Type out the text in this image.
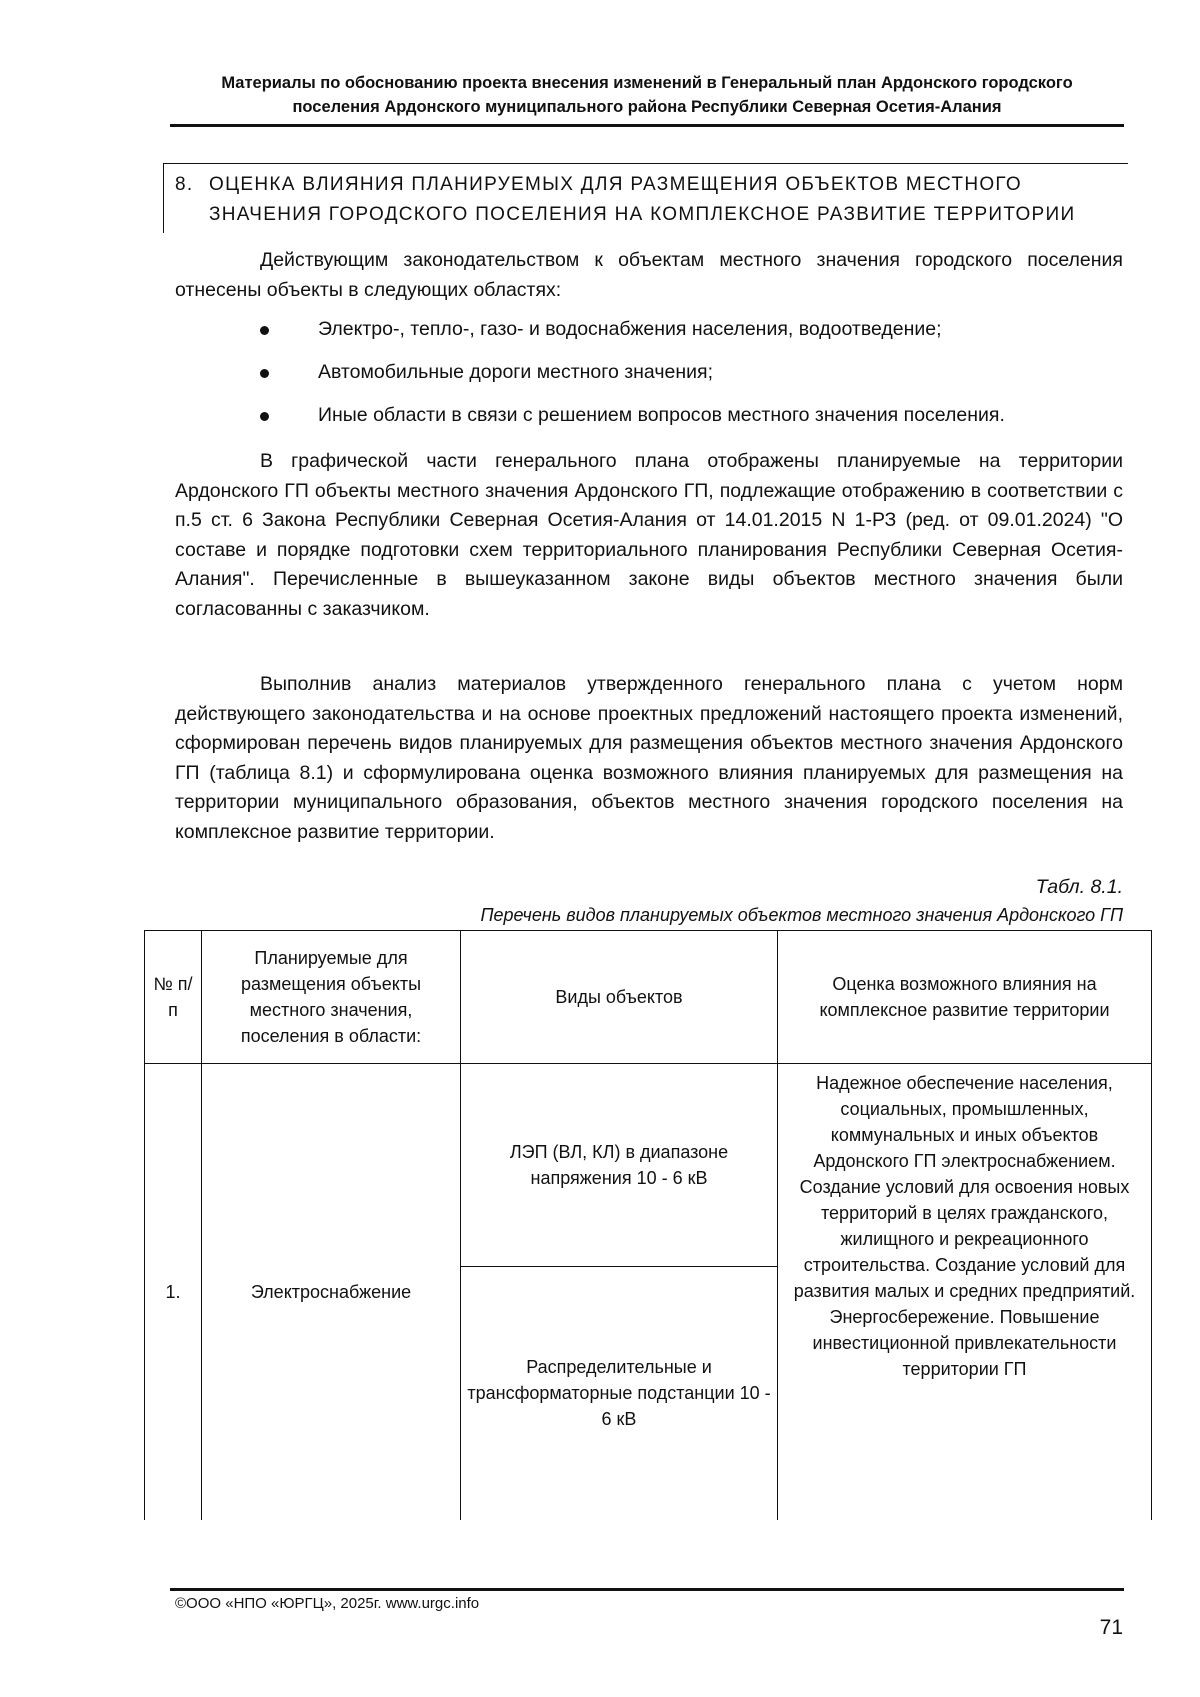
Материалы по обоснованию проекта внесения изменений в Генеральный план Ардонского городского
поселения Ардонского муниципального района Республики Северная Осетия-Алания
8. ОЦЕНКА ВЛИЯНИЯ ПЛАНИРУЕМЫХ ДЛЯ РАЗМЕЩЕНИЯ ОБЪЕКТОВ МЕСТНОГО ЗНАЧЕНИЯ ГОРОДСКОГО ПОСЕЛЕНИЯ НА КОМПЛЕКСНОЕ РАЗВИТИЕ ТЕРРИТОРИИ
Действующим законодательством к объектам местного значения городского поселения отнесены объекты в следующих областях:
Электро-, тепло-, газо- и водоснабжения населения, водоотведение;
Автомобильные дороги местного значения;
Иные области в связи с решением вопросов местного значения поселения.
В графической части генерального плана отображены планируемые на территории Ардонского ГП объекты местного значения Ардонского ГП, подлежащие отображению в соответствии с п.5 ст. 6 Закона Республики Северная Осетия-Алания от 14.01.2015 N 1-РЗ (ред. от 09.01.2024) "О составе и порядке подготовки схем территориального планирования Республики Северная Осетия-Алания". Перечисленные в вышеуказанном законе виды объектов местного значения были согласованны с заказчиком.
Выполнив анализ материалов утвержденного генерального плана с учетом норм действующего законодательства и на основе проектных предложений настоящего проекта изменений, сформирован перечень видов планируемых для размещения объектов местного значения Ардонского ГП (таблица 8.1) и сформулирована оценка возможного влияния планируемых для размещения на территории муниципального образования, объектов местного значения городского поселения на комплексное развитие территории.
Табл. 8.1.
Перечень видов планируемых объектов местного значения Ардонского ГП
№ п/п	Планируемые для размещения объекты местного значения, поселения в области:	Виды объектов	Оценка возможного влияния на комплексное развитие территории
1.	Электроснабжение	ЛЭП (ВЛ, КЛ) в диапазоне напряжения 10 - 6 кВ	Надежное обеспечение населения, социальных, промышленных, коммунальных и иных объектов Ардонского ГП электроснабжением. Создание условий для освоения новых территорий в целях гражданского, жилищного и рекреационного строительства. Создание условий для развития малых и средних предприятий. Энергосбережение. Повышение инвестиционной привлекательности территории ГП
		Распределительные и трансформаторные подстанции 10 - 6 кВ	
©ООО «НПО «ЮРГЦ», 2025г. www.urgc.info
71
